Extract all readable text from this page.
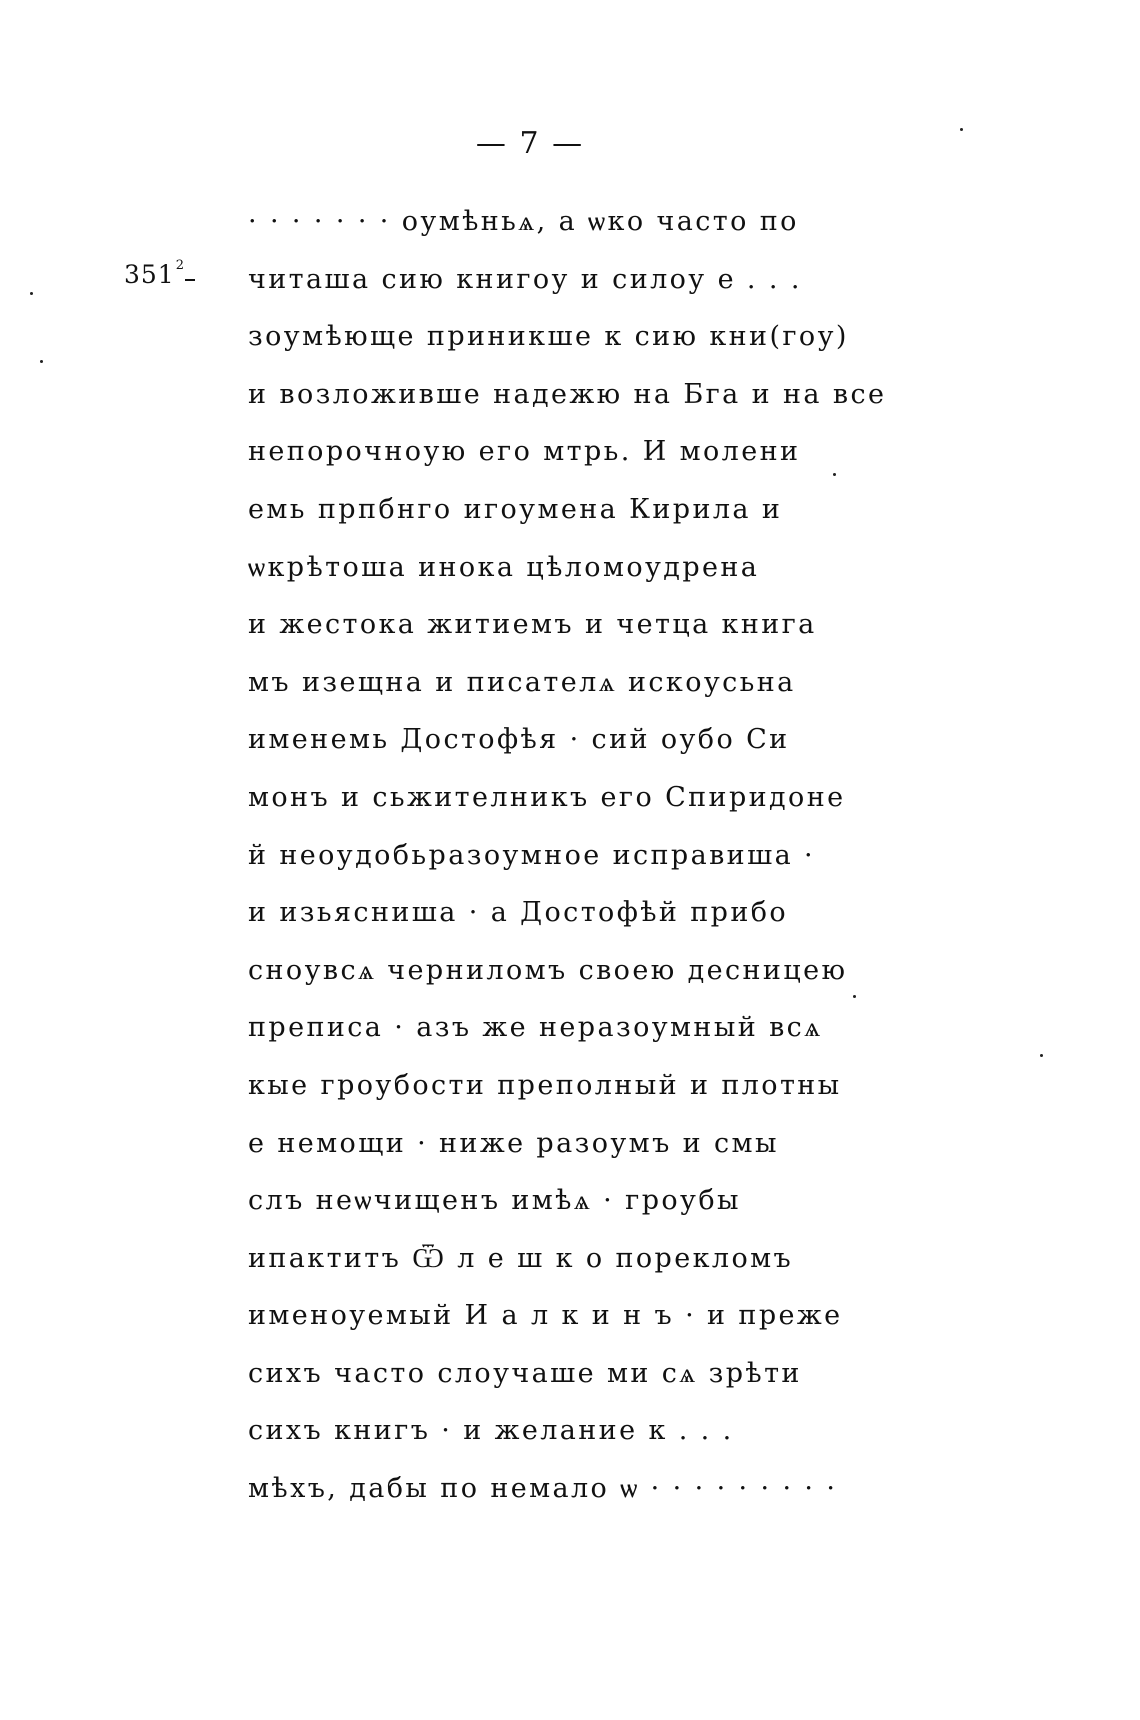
— 7 —
$351^2$
· · · · · · · оумѣньѧ, а ѡко часто по
читаша сию книгоу и силоу е . . .
зоумѣюще приникше к сию кни(гоу)
и возложивше надежю на Бга и на все
непорочноую его мтрь. И молени
емь прпбнго игоумена Кирила и
ѡкрѣтоша инока цѣломоудрена
и жестока житиемъ и четца книга
мъ изещна и писателѧ искоусьна
именемь Достофѣя · сий оубо Си
монъ и сьжителникъ его Спиридоне
й неоудобьразоумное исправиша ·
и изьясниша · а Достофѣй прибо
сноувсѧ черниломъ своею десницею
преписа · азъ же неразоумный всѧ
кые гроубости преполный и плотны
е немощи · ниже разоумъ и смы
слъ неѡчищенъ имѣѧ · гроубы
ипактитъ Ѿ л е ш к о порекломъ
именоуемый И а л к и н ъ · и преже
сихъ часто слоучаше ми сѧ зрѣти
сихъ книгъ · и желание к . . .
мѣхъ, дабы по немало ѡ · · · · · · · · ·
